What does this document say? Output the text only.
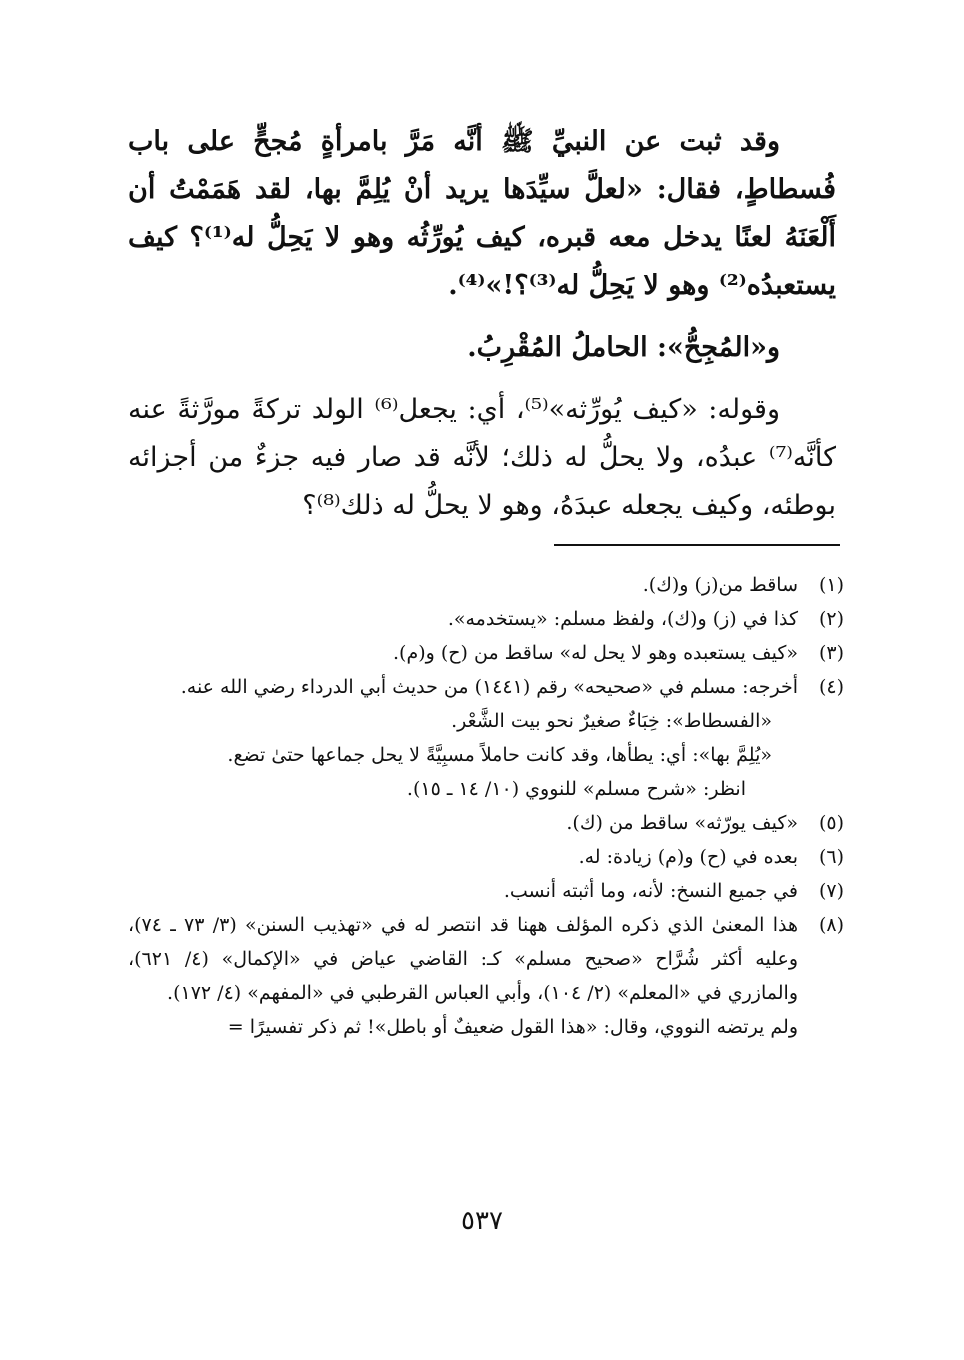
وقد ثبت عن النبيِّ ﷺ أنَّه مَرَّ بامرأةٍ مُجحٍّ على باب فُسطاطٍ، فقال: «لعلَّ سيِّدَها يريد أنْ يُلِمَّ بها، لقد هَمَمْتُ أن أَلْعَنَهُ لعنًا يدخل معه قبره، كيف يُورِّثُه وهو لا يَحِلُّ له⁽¹⁾؟ كيف يستعبدُه⁽²⁾ وهو لا يَحِلُّ له⁽³⁾؟!»⁽⁴⁾.

و«المُجِحُّ»: الحاملُ المُقْرِبُ.

وقوله: «كيف يُورِّثه»⁽⁵⁾، أي: يجعل⁽⁶⁾ الولد تركةً مورَّثةً عنه كأنَّه⁽⁷⁾ عبدُه، ولا يحلُّ له ذلك؛ لأنَّه قد صار فيه جزءٌ من أجزائه بوطئه، وكيف يجعله عبدَهُ، وهو لا يحلُّ له ذلك⁽⁸⁾؟

(١)
ساقط من(ز) و(ك).
(٢)
كذا في (ز) و(ك)، ولفظ مسلم: «يستخدمه».
(٣)
«كيف يستعبده وهو لا يحل له» ساقط من (ح) و(م).
(٤)
أخرجه: مسلم في «صحيحه» رقم (١٤٤١) من حديث أبي الدرداء رضي الله عنه.
«الفسطاط»: خِبَاءٌ صغيرٌ نحو بيت الشَّعْر.
«يُلِمَّ بها»: أي: يطأها، وقد كانت حاملاً مسبِيَّةً لا يحل جماعها حتىٰ تضع.
انظر: «شرح مسلم» للنووي (١٠/ ١٤ ـ ١٥).
(٥)
«كيف يورّثه» ساقط من (ك).
(٦)
بعده في (ح) و(م) زيادة: له.
(٧)
في جميع النسخ: لأنه، وما أثبته أنسب.
(٨)
هذا المعنىٰ الذي ذكره المؤلف ههنا قد انتصر له في «تهذيب السنن» (٣/ ٧٣ ـ ٧٤)، وعليه أكثر شُرَّاح «صحيح مسلم» كـ: القاضي عياض في «الإكمال» (٤/ ٦٢١)، والمازري في «المعلم» (٢/ ١٠٤)، وأبي العباس القرطبي في «المفهم» (٤/ ١٧٢).
ولم يرتضه النووي، وقال: «هذا القول ضعيفٌ أو باطل»! ثم ذكر تفسيرًا =
٥٣٧
